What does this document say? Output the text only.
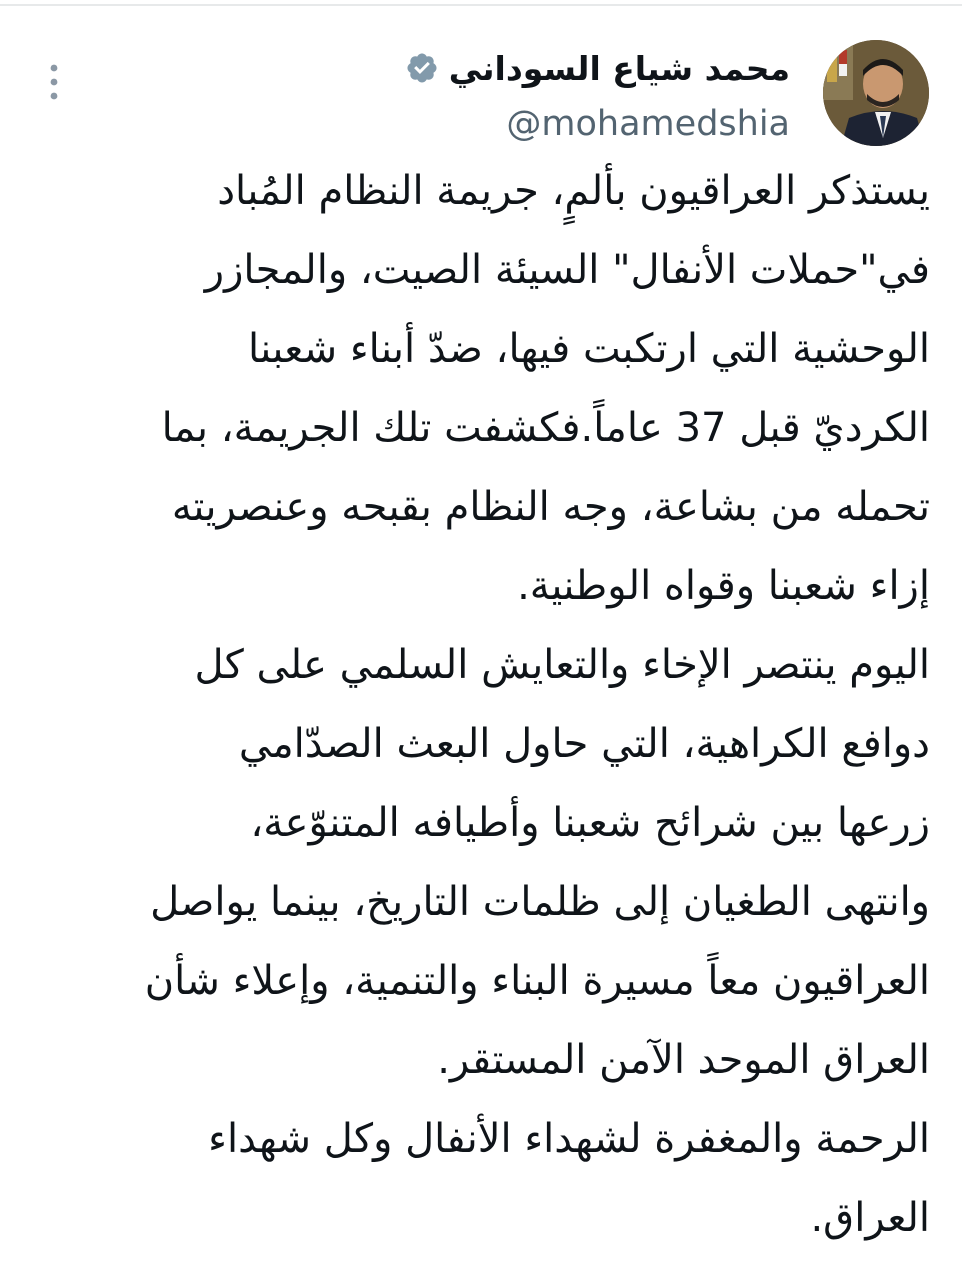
محمد شياع السوداني
@mohamedshia
يستذكر العراقيون بألمٍ، جريمة النظام المُباد
في"حملات الأنفال" السيئة الصيت، والمجازر
الوحشية التي ارتكبت فيها، ضدّ أبناء شعبنا
الكرديّ قبل 37 عاماً.فكشفت تلك الجريمة، بما
تحمله من بشاعة، وجه النظام بقبحه وعنصريته
إزاء شعبنا وقواه الوطنية.
اليوم ينتصر الإخاء والتعايش السلمي على كل
دوافع الكراهية، التي حاول البعث الصدّامي
زرعها بين شرائح شعبنا وأطيافه المتنوّعة،
وانتهى الطغيان إلى ظلمات التاريخ، بينما يواصل
العراقيون معاً مسيرة البناء والتنمية، وإعلاء شأن
العراق الموحد الآمن المستقر.
الرحمة والمغفرة لشهداء الأنفال وكل شهداء
العراق.
